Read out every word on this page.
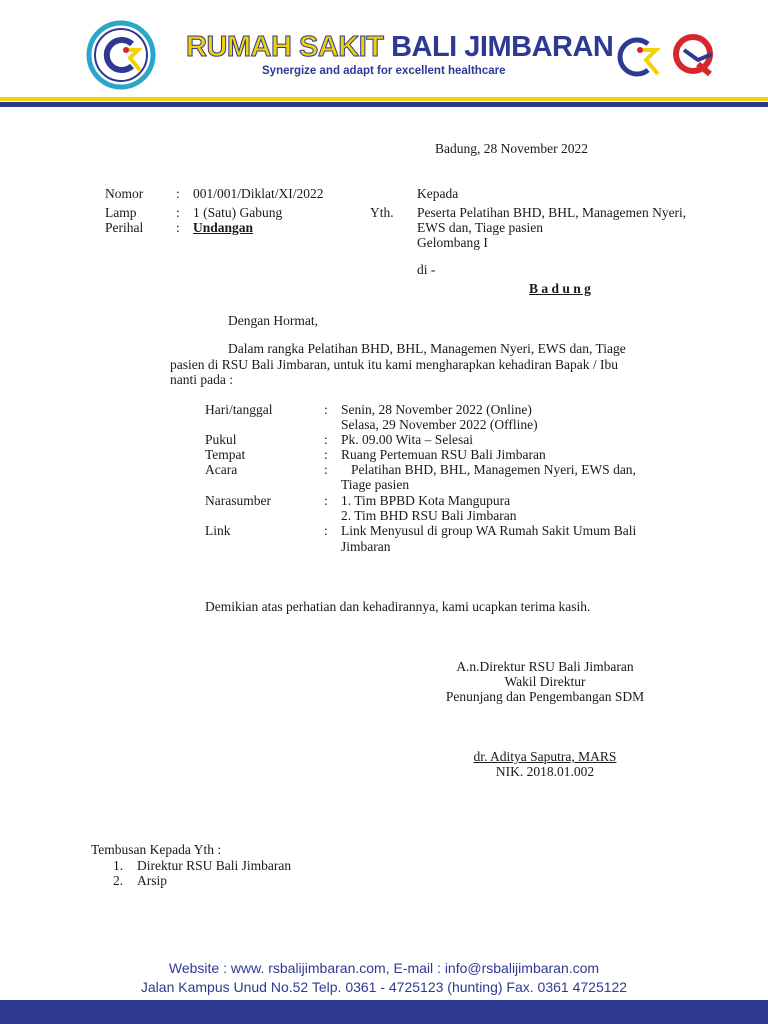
RUMAH SAKIT BALI JIMBARAN
Synergize and adapt for excellent healthcare
Badung, 28 November 2022
Nomor : 001/001/Diklat/XI/2022
Lamp	: 1 (Satu) Gabung
Perihal : Undangan
Kepada
Yth. Peserta Pelatihan BHD, BHL, Managemen Nyeri,
EWS dan, Tiage pasien
Gelombang I
di -
B a d u n g
Dengan Hormat,
Dalam rangka Pelatihan BHD, BHL, Managemen Nyeri, EWS dan, Tiage
pasien di RSU Bali Jimbaran, untuk itu kami mengharapkan kehadiran Bapak / Ibu
nanti pada :
Hari/tanggal	: Senin, 28 November 2022 (Online)
Selasa, 29 November 2022 (Offline)
Pukul	: Pk. 09.00 Wita – Selesai
Tempat	: Ruang Pertemuan RSU Bali Jimbaran
Acara	: Pelatihan BHD, BHL, Managemen Nyeri, EWS dan,
Tiage pasien
Narasumber	: 1. Tim BPBD Kota Mangupura
2. Tim BHD RSU Bali Jimbaran
Link	: Link Menyusul di group WA Rumah Sakit Umum Bali
Jimbaran
Demikian atas perhatian dan kehadirannya, kami ucapkan terima kasih.
A.n.Direktur RSU Bali Jimbaran
Wakil Direktur
Penunjang dan Pengembangan SDM
dr. Aditya Saputra, MARS
NIK. 2018.01.002
Tembusan Kepada Yth :
1. Direktur RSU Bali Jimbaran
2. Arsip
Website : www. rsbalijimbaran.com, E-mail : info@rsbalijimbaran.com
Jalan Kampus Unud No.52 Telp. 0361 - 4725123 (hunting) Fax. 0361 4725122
